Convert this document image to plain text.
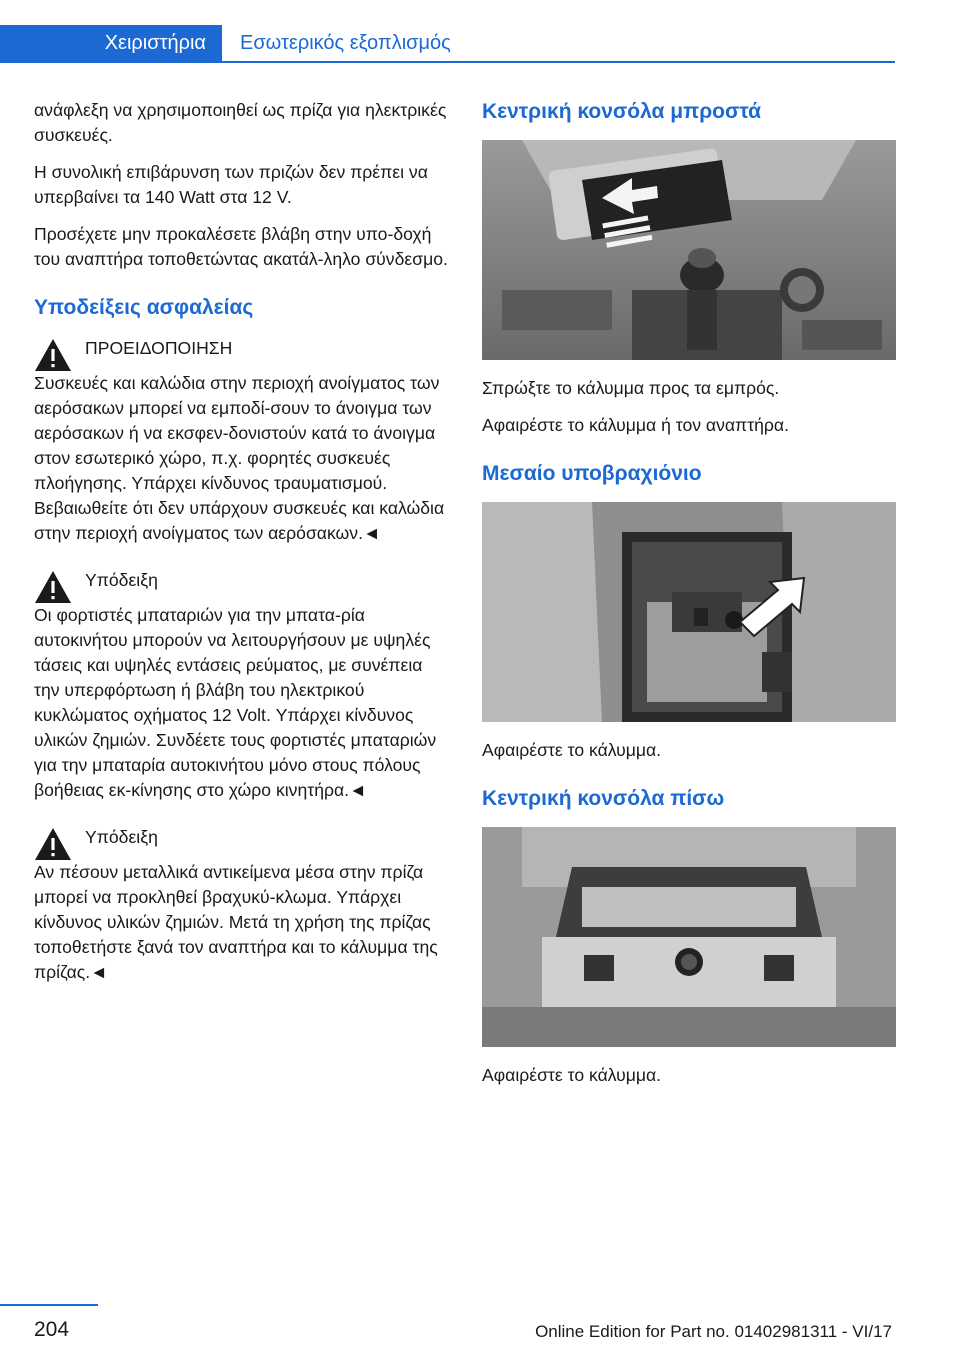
Χειριστήρια	Εσωτερικός εξοπλισμός

ανάφλεξη να χρησιμοποιηθεί ως πρίζα για ηλεκτρικές συσκευές.

Η συνολική επιβάρυνση των πριζών δεν πρέπει να υπερβαίνει τα 140 Watt στα 12 V.

Προσέχετε μην προκαλέσετε βλάβη στην υπο‐δοχή του αναπτήρα τοποθετώντας ακατάλ‐ληλο σύνδεσμο.

Υποδείξεις ασφαλείας
ΠΡΟΕΙΔΟΠΟΙΗΣΗ
Συσκευές και καλώδια στην περιοχή ανοίγματος των αερόσακων μπορεί να εμποδί‐σουν το άνοιγμα των αερόσακων ή να εκσφεν‐δονιστούν κατά το άνοιγμα στον εσωτερικό χώρο, π.χ. φορητές συσκευές πλοήγησης. Υπάρχει κίνδυνος τραυματισμού. Βεβαιωθείτε ότι δεν υπάρχουν συσκευές και καλώδια στην περιοχή ανοίγματος των αερόσακων.◄
Υπόδειξη
Οι φορτιστές μπαταριών για την μπατα‐ρία αυτοκινήτου μπορούν να λειτουργήσουν με υψηλές τάσεις και υψηλές εντάσεις ρεύματος, με συνέπεια την υπερφόρτωση ή βλάβη του ηλεκτρικού κυκλώματος οχήματος 12 Volt. Υπάρχει κίνδυνος υλικών ζημιών. Συνδέετε τους φορτιστές μπαταριών για την μπαταρία αυτοκινήτου μόνο στους πόλους βοήθειας εκ‐κίνησης στο χώρο κινητήρα.◄
Υπόδειξη
Αν πέσουν μεταλλικά αντικείμενα μέσα στην πρίζα μπορεί να προκληθεί βραχυκύ‐κλωμα. Υπάρχει κίνδυνος υλικών ζημιών. Μετά τη χρήση της πρίζας τοποθετήστε ξανά τον αναπτήρα και το κάλυμμα της πρίζας.◄
Κεντρική κονσόλα μπροστά

Σπρώξτε το κάλυμμα προς τα εμπρός.

Αφαιρέστε το κάλυμμα ή τον αναπτήρα.

Μεσαίο υποβραχιόνιο

Αφαιρέστε το κάλυμμα.

Κεντρική κονσόλα πίσω

Αφαιρέστε το κάλυμμα.

204	Online Edition for Part no. 01402981311 - VI/17
